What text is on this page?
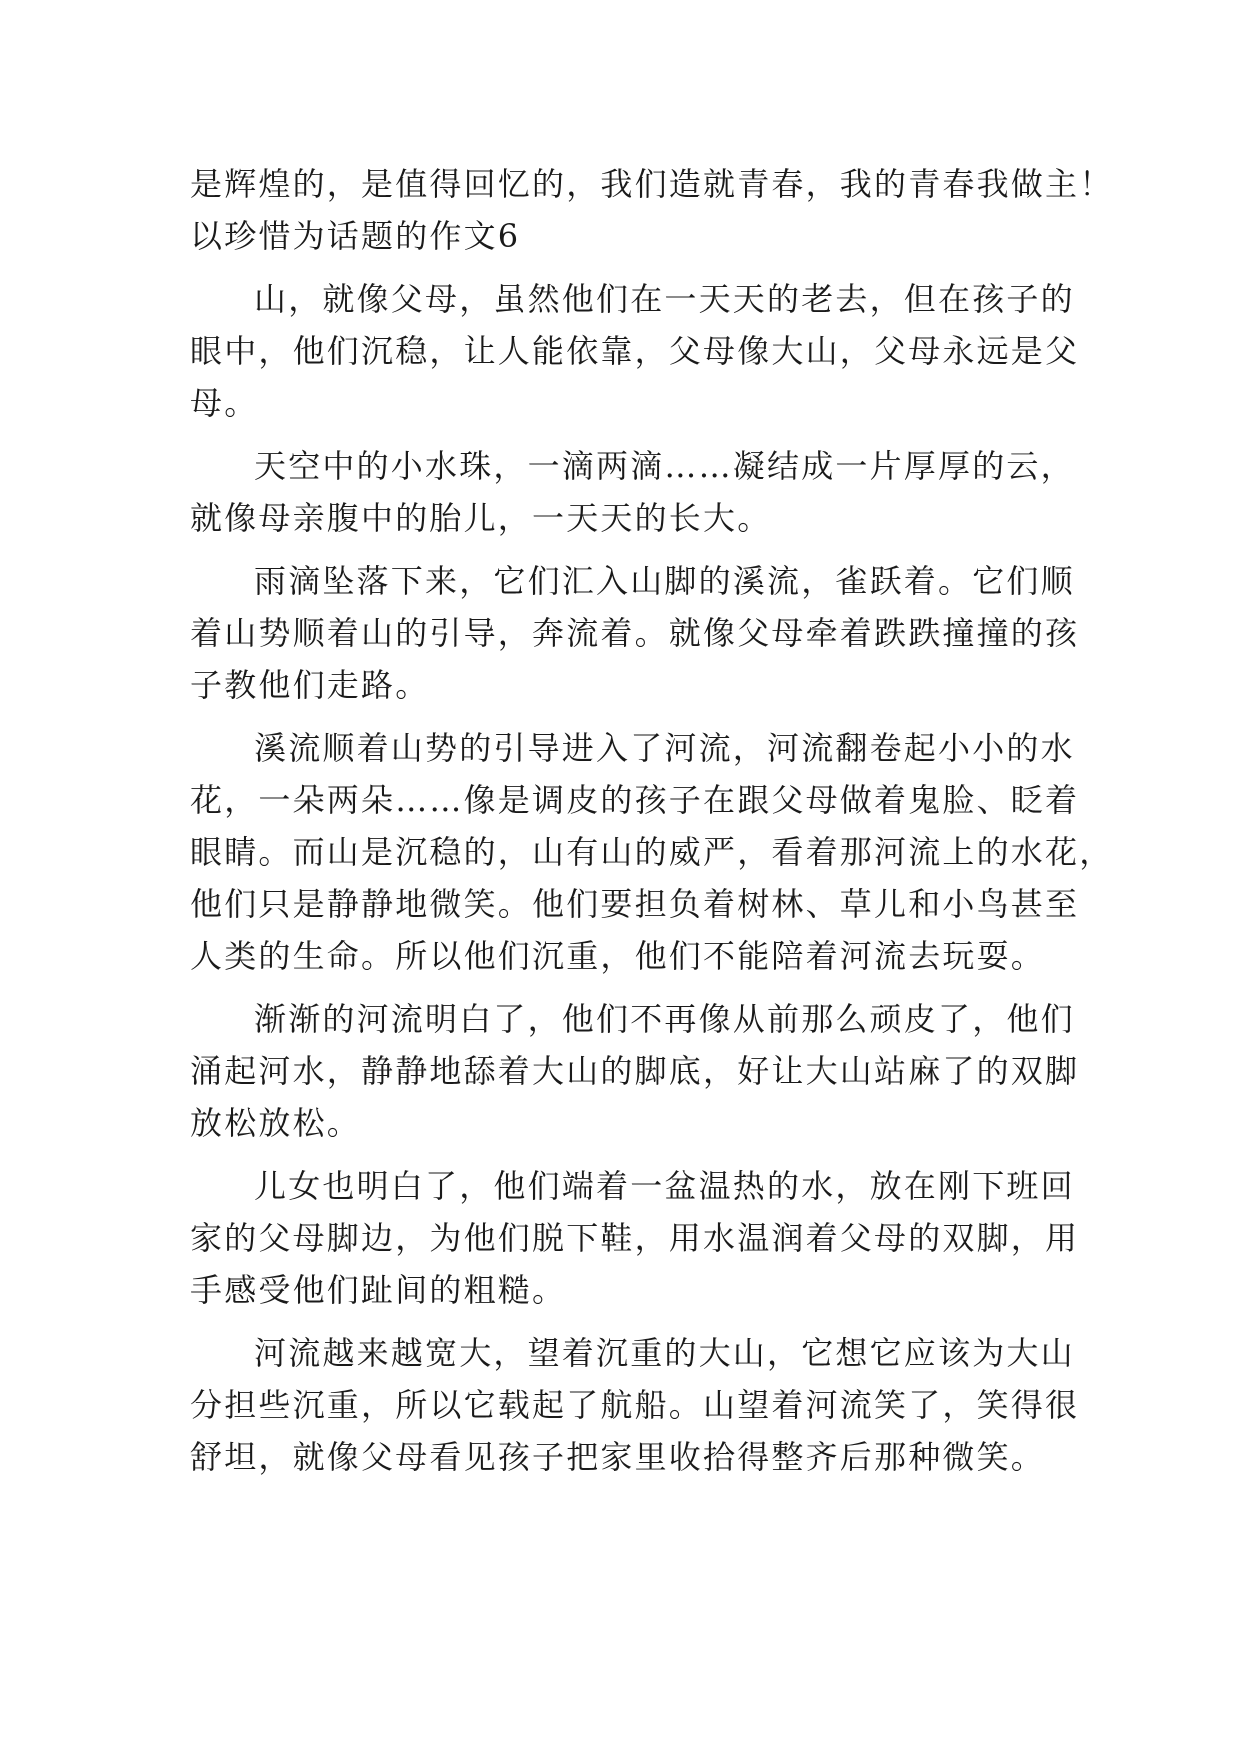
是辉煌的，是值得回忆的，我们造就青春，我的青春我做主！
以珍惜为话题的作文6
山，就像父母，虽然他们在一天天的老去，但在孩子的
眼中，他们沉稳，让人能依靠，父母像大山，父母永远是父
母。
天空中的小水珠，一滴两滴……凝结成一片厚厚的云，
就像母亲腹中的胎儿，一天天的长大。
雨滴坠落下来，它们汇入山脚的溪流，雀跃着。它们顺
着山势顺着山的引导，奔流着。就像父母牵着跌跌撞撞的孩
子教他们走路。
溪流顺着山势的引导进入了河流，河流翻卷起小小的水
花，一朵两朵……像是调皮的孩子在跟父母做着鬼脸、眨着
眼睛。而山是沉稳的，山有山的威严，看着那河流上的水花，
他们只是静静地微笑。他们要担负着树林、草儿和小鸟甚至
人类的生命。所以他们沉重，他们不能陪着河流去玩耍。
渐渐的河流明白了，他们不再像从前那么顽皮了，他们
涌起河水，静静地舔着大山的脚底，好让大山站麻了的双脚
放松放松。
儿女也明白了，他们端着一盆温热的水，放在刚下班回
家的父母脚边，为他们脱下鞋，用水温润着父母的双脚，用
手感受他们趾间的粗糙。
河流越来越宽大，望着沉重的大山，它想它应该为大山
分担些沉重，所以它载起了航船。山望着河流笑了，笑得很
舒坦，就像父母看见孩子把家里收拾得整齐后那种微笑。
